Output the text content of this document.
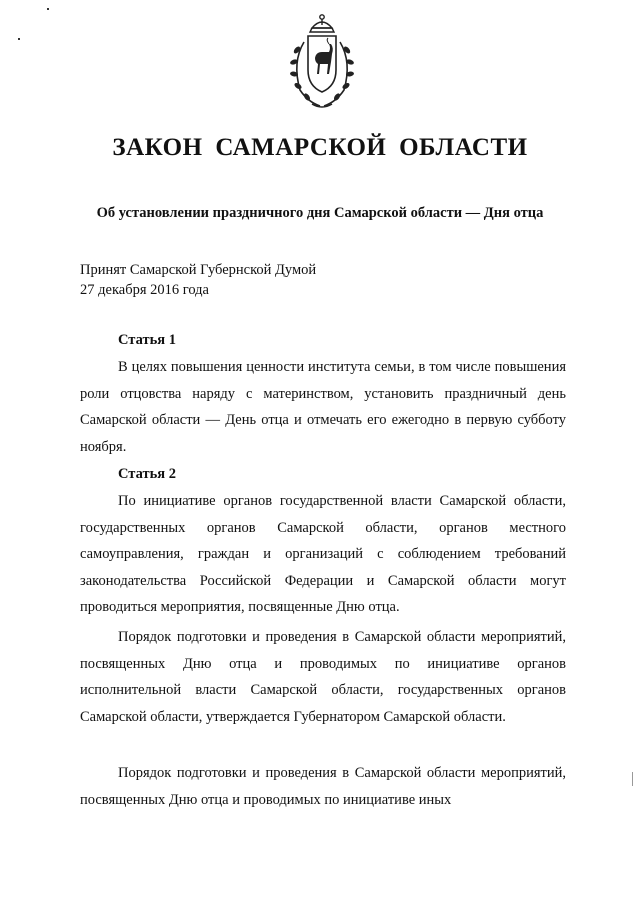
ЗАКОН САМАРСКОЙ ОБЛАСТИ
Об установлении праздничного дня Самарской области — Дня отца
Принят Самарской Губернской Думой
27 декабря 2016 года
Статья 1

В целях повышения ценности института семьи, в том числе повышения роли отцовства наряду с материнством, установить праздничный день Самарской области — День отца и отмечать его ежегодно в первую субботу ноября.

Статья 2

По инициативе органов государственной власти Самарской области, государственных органов Самарской области, органов местного самоуправления, граждан и организаций с соблюдением требований законодательства Российской Федерации и Самарской области могут проводиться мероприятия, посвященные Дню отца.

Порядок подготовки и проведения в Самарской области мероприятий, посвященных Дню отца и проводимых по инициативе органов исполнительной власти Самарской области, государственных органов Самарской области, утверждается Губернатором Самарской области.

Порядок подготовки и проведения в Самарской области мероприятий, посвященных Дню отца и проводимых по инициативе иных
